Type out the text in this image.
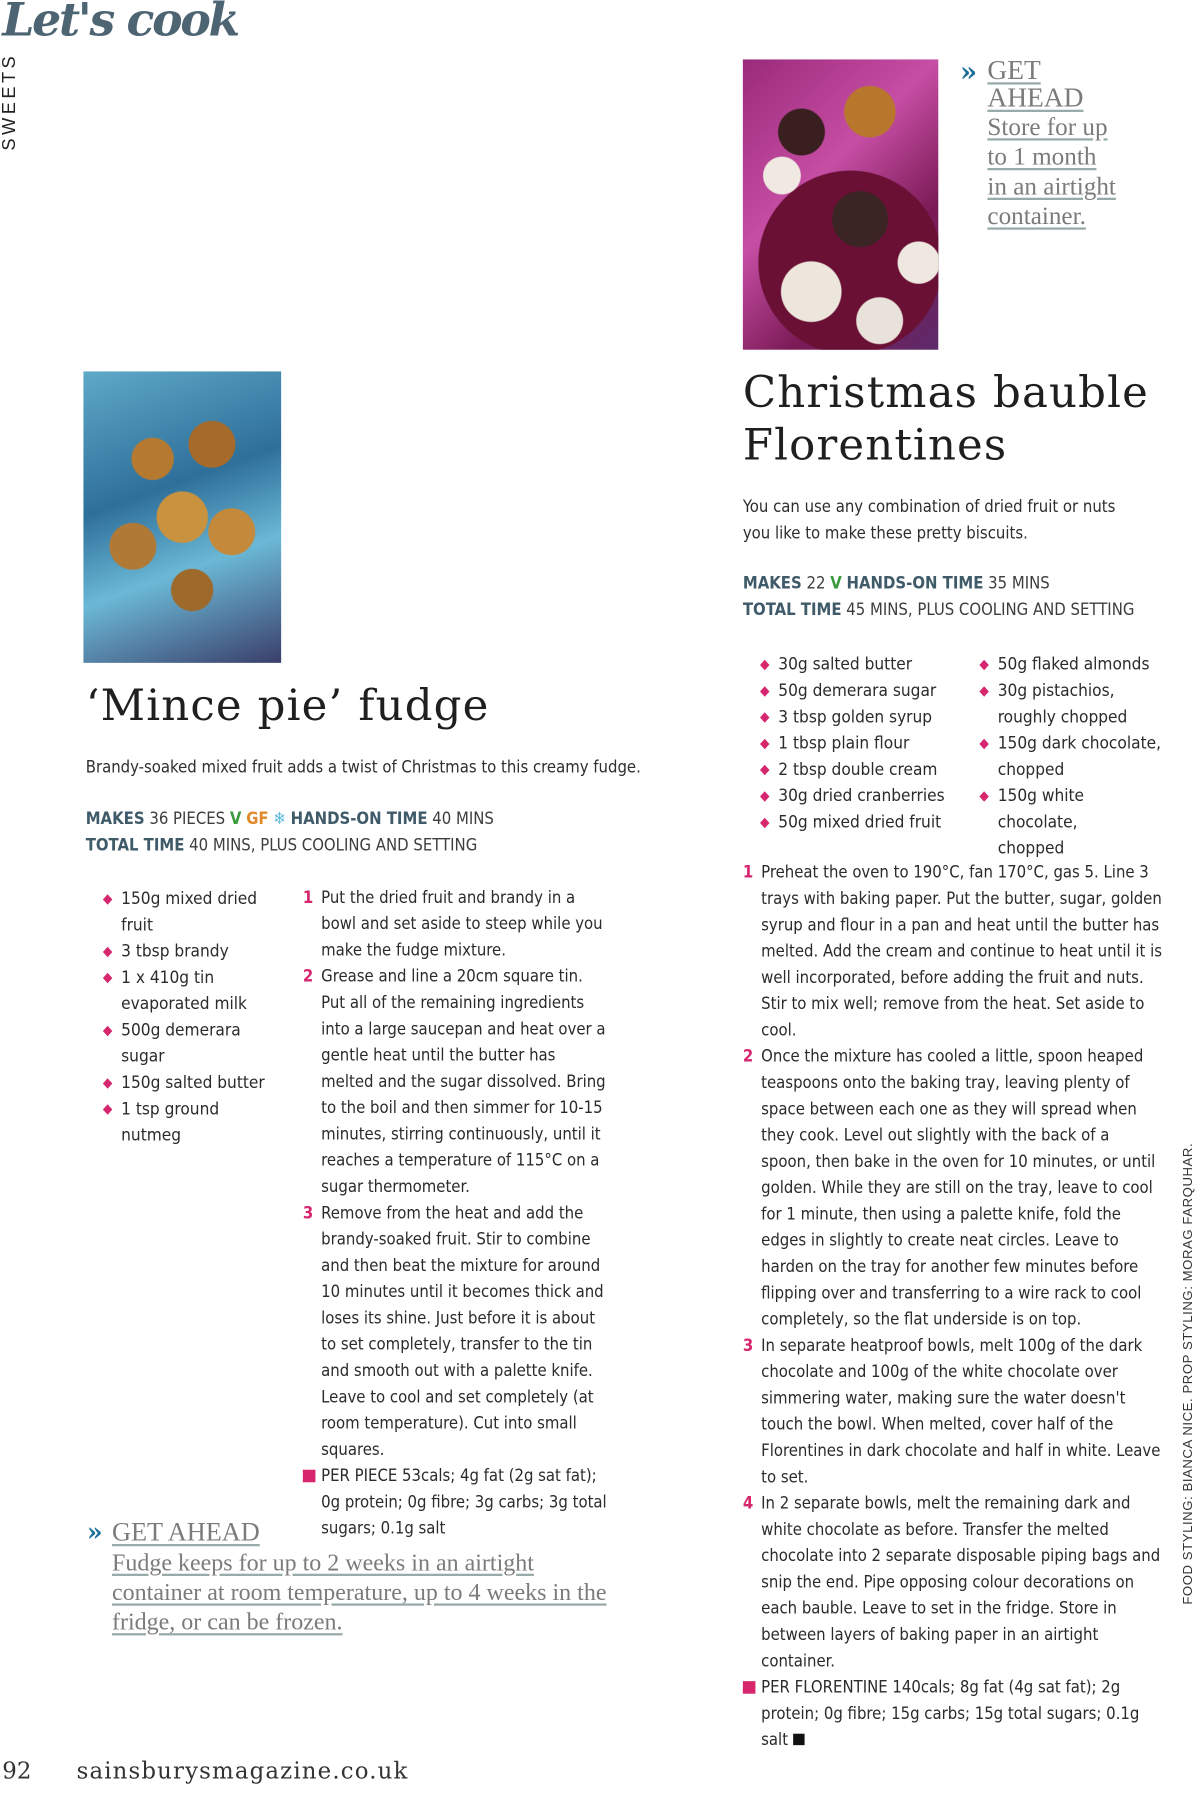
Let's cook
SWEETS	» GET AHEAD
Store for up to 1 month in an airtight container.
Christmas bauble Florentines
You can use any combination of dried fruit or nuts you like to make these pretty biscuits.
MAKES 22 V HANDS-ON TIME 35 MINS
TOTAL TIME 45 MINS, PLUS COOLING AND SETTING
◆ 30g salted butter
◆ 50g demerara sugar
◆ 3 tbsp golden syrup
◆ 1 tbsp plain flour
◆ 2 tbsp double cream
◆ 30g dried cranberries
◆ 50g mixed dried fruit
◆ 50g flaked almonds
◆ 30g pistachios, roughly chopped
◆ 150g dark chocolate, chopped
◆ 150g white chocolate, chopped
1 Preheat the oven to 190°C, fan 170°C, gas 5. Line 3 trays with baking paper. Put the butter, sugar, golden syrup and flour in a pan and heat until the butter has melted. Add the cream and continue to heat until it is well incorporated, before adding the fruit and nuts. Stir to mix well; remove from the heat. Set aside to cool.
2 Once the mixture has cooled a little, spoon heaped teaspoons onto the baking tray, leaving plenty of space between each one as they will spread when they cook. Level out slightly with the back of a spoon, then bake in the oven for 10 minutes, or until golden. While they are still on the tray, leave to cool for 1 minute, then using a palette knife, fold the edges in slightly to create neat circles. Leave to harden on the tray for another few minutes before flipping over and transferring to a wire rack to cool completely, so the flat underside is on top.
3 In separate heatproof bowls, melt 100g of the dark chocolate and 100g of the white chocolate over simmering water, making sure the water doesn't touch the bowl. When melted, cover half of the Florentines in dark chocolate and half in white. Leave to set.
4 In 2 separate bowls, melt the remaining dark and white chocolate as before. Transfer the melted chocolate into 2 separate disposable piping bags and snip the end. Pipe opposing colour decorations on each bauble. Leave to set in the fridge. Store in between layers of baking paper in an airtight container.
PER FLORENTINE 140cals; 8g fat (4g sat fat); 2g protein; 0g fibre; 15g carbs; 15g total sugars; 0.1g salt
‘Mince pie’ fudge
Brandy-soaked mixed fruit adds a twist of Christmas to this creamy fudge.
MAKES 36 PIECES V GF ❄ HANDS-ON TIME 40 MINS
TOTAL TIME 40 MINS, PLUS COOLING AND SETTING
◆ 150g mixed dried fruit
◆ 3 tbsp brandy
◆ 1 x 410g tin evaporated milk
◆ 500g demerara sugar
◆ 150g salted butter
◆ 1 tsp ground nutmeg
1 Put the dried fruit and brandy in a bowl and set aside to steep while you make the fudge mixture.
2 Grease and line a 20cm square tin. Put all of the remaining ingredients into a large saucepan and heat over a gentle heat until the butter has melted and the sugar dissolved. Bring to the boil and then simmer for 10-15 minutes, stirring continuously, until it reaches a temperature of 115°C on a sugar thermometer.
3 Remove from the heat and add the brandy-soaked fruit. Stir to combine and then beat the mixture for around 10 minutes until it becomes thick and loses its shine. Just before it is about to set completely, transfer to the tin and smooth out with a palette knife. Leave to cool and set completely (at room temperature). Cut into small squares.
PER PIECE 53cals; 4g fat (2g sat fat); 0g protein; 0g fibre; 3g carbs; 3g total sugars; 0.1g salt
» GET AHEAD
Fudge keeps for up to 2 weeks in an airtight container at room temperature, up to 4 weeks in the fridge, or can be frozen.
FOOD STYLING: BIANCA NICE. PROP STYLING: MORAG FARQUHAR.
92 sainsburysmagazine.co.uk
